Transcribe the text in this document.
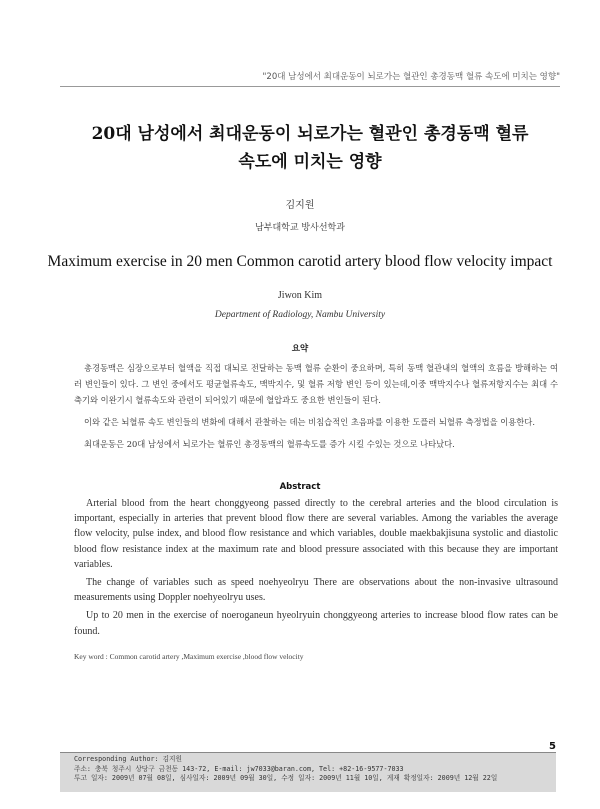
"20대 남성에서 최대운동이 뇌로가는 혈관인 총경동맥 혈류 속도에 미치는 영향"
20대 남성에서 최대운동이 뇌로가는 혈관인 총경동맥 혈류
속도에 미치는 영향
김지원
남부대학교 방사선학과
Maximum exercise in 20 men Common carotid artery blood flow velocity impact
Jiwon Kim
Department of Radiology, Nambu University
요약

총경동맥은 심장으로부터 혈액을 직접 대뇌로 전달하는 동맥 혈류 순환이 중요하며, 특히 동맥 혈관내의 혈액의 흐름을 방해하는 여러 변인들이 있다. 그 변인 중에서도 평균혈류속도, 맥박지수, 및 혈류 저항 변인 등이 있는데,이중 맥박지수나 혈류저항지수는 최대 수축기와 이완기시 혈류속도와 관련이 되어있기 때문에 혈압과도 중요한 변인들이 된다.

이와 같은 뇌혈류 속도 변인들의 변화에 대해서 관찰하는 데는 비침습적인 초음파를 이용한 도플러 뇌혈류 측정법을 이용한다.

최대운동은 20대 남성에서 뇌로가는 혈류인 총경동맥의 혈류속도를 증가 시킬 수있는 것으로 나타났다.

Abstract

Arterial blood from the heart chonggyeong passed directly to the cerebral arteries and the blood circulation is important, especially in arteries that prevent blood flow there are several variables. Among the variables the average flow velocity, pulse index, and blood flow resistance and which variables, double maekbakjisuna systolic and diastolic blood flow resistance index at the maximum rate and blood pressure associated with this because they are important variables.

The change of variables such as speed noehyeolryu There are observations about the non-invasive ultrasound measurements using Doppler noehyeolryu uses.

Up to 20 men in the exercise of noeroganeun hyeolryuin chonggyeong arteries to increase blood flow rates can be found.

Key word : Common carotid artery ,Maximum exercise ,blood flow velocity
5
Corresponding Author: 김지원
주소: 충북 청주시 상당구 금천동 143-72, E-mail: jw7033@baran.com, Tel: +82-16-9577-7033
투고 일자: 2009년 07월 08일, 심사일자: 2009년 09월 30일, 수정 일자: 2009년 11월 10일, 게재 확정일자: 2009년 12월 22일
